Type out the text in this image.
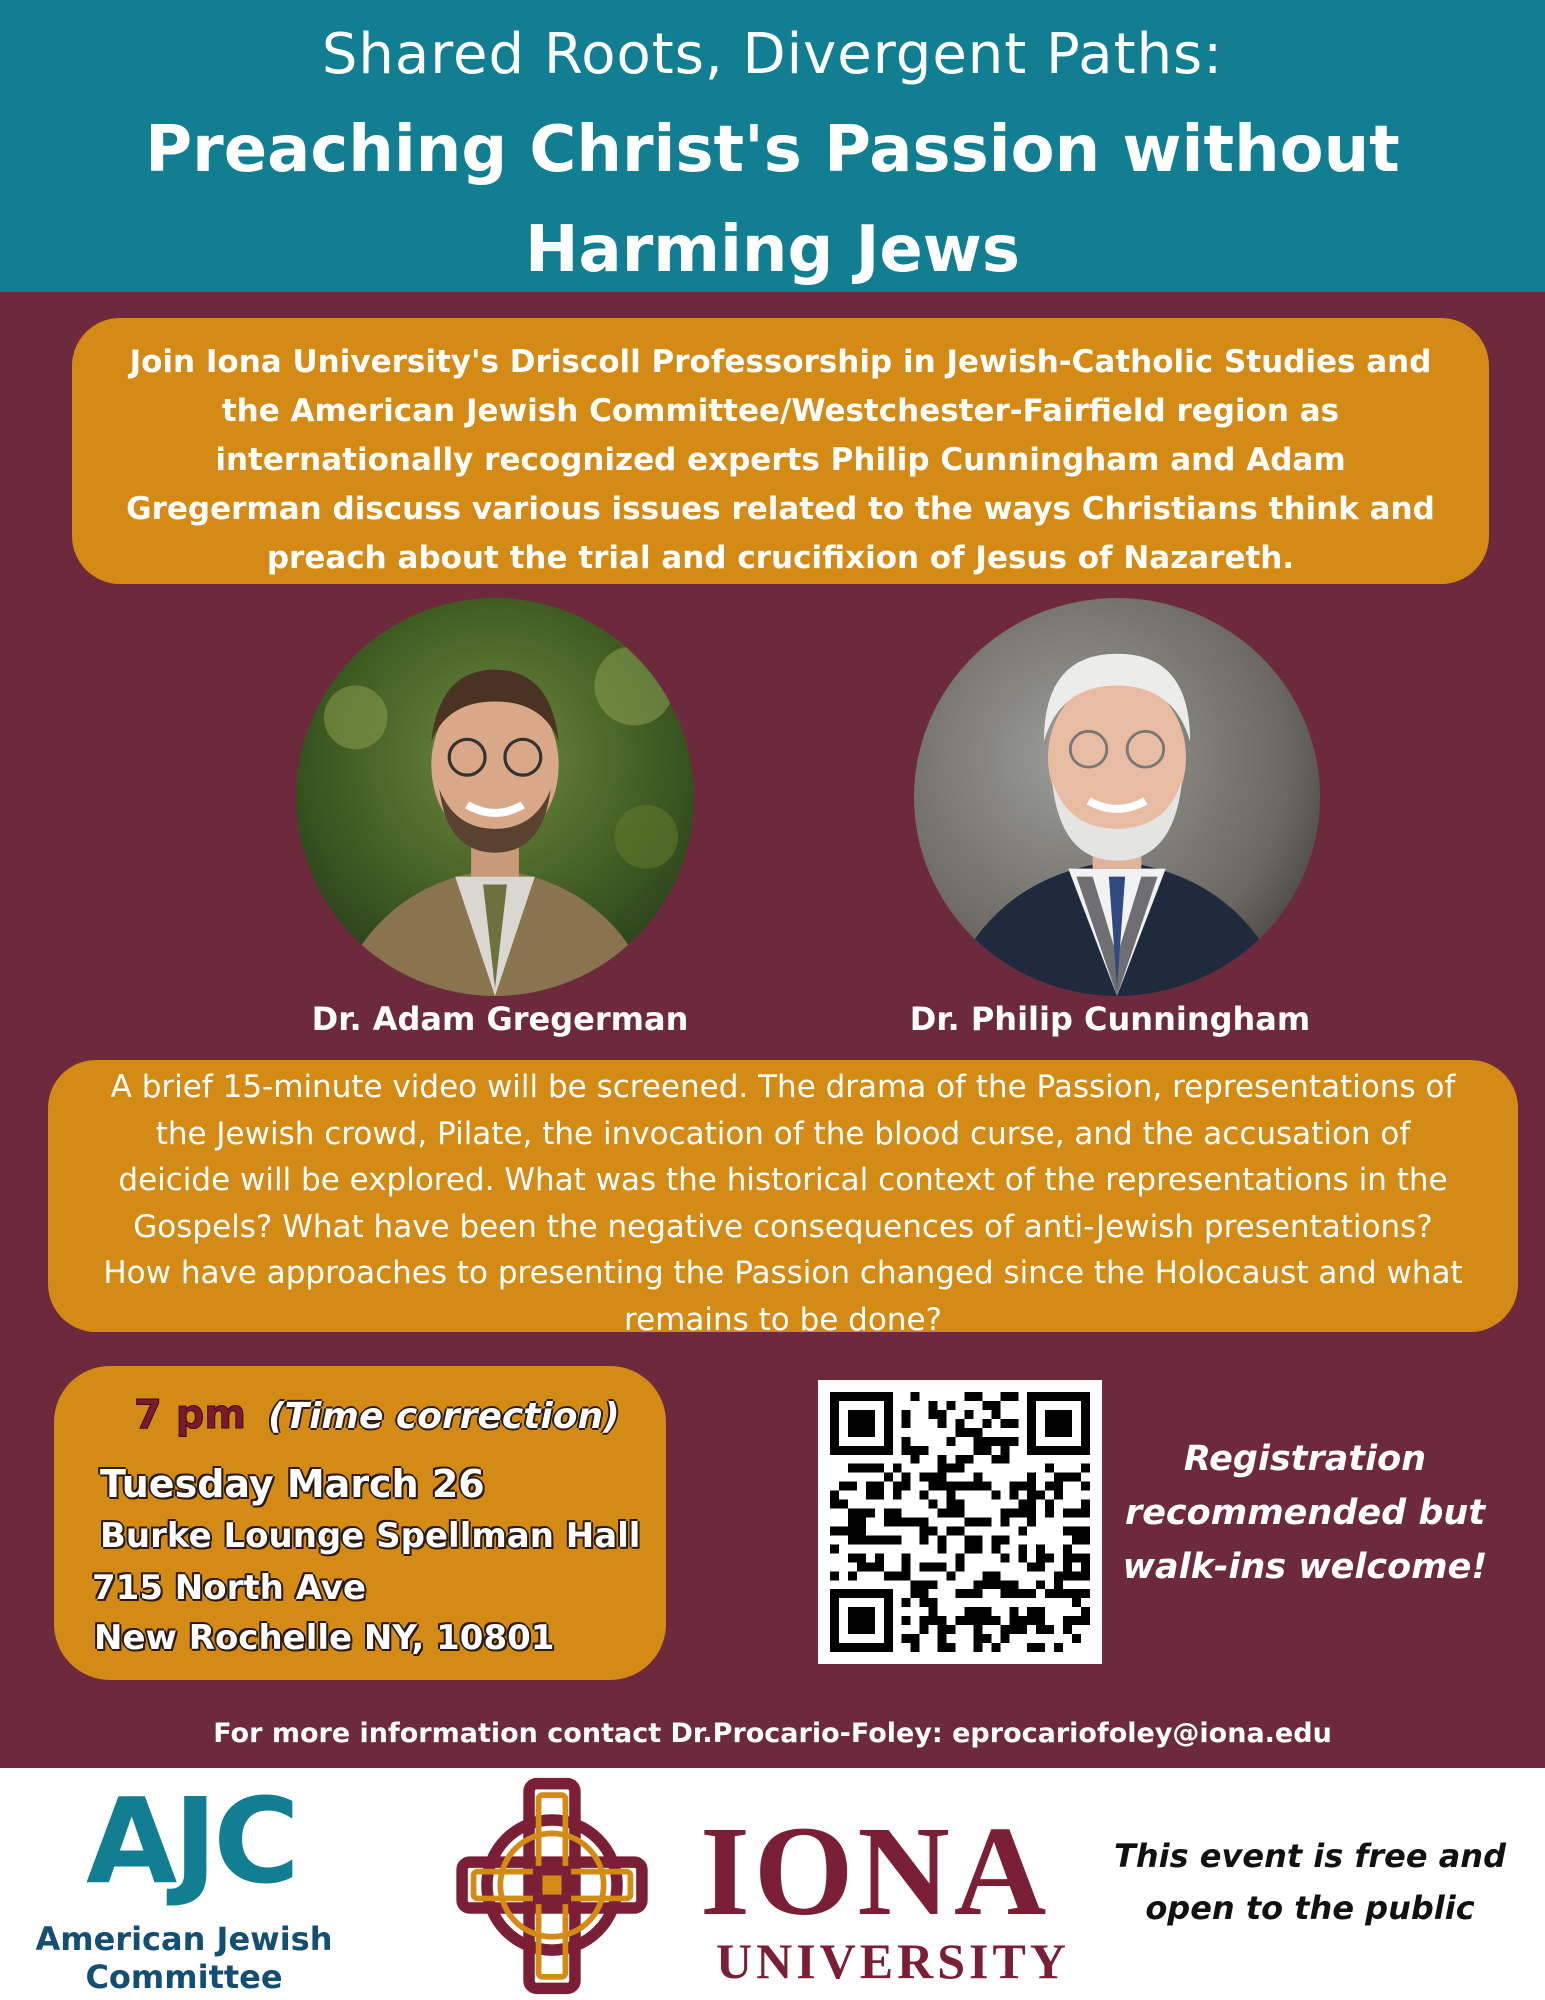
Shared Roots, Divergent Paths:
Preaching Christ's Passion without
Harming Jews
Join Iona University's Driscoll Professorship in Jewish-Catholic Studies and
the American Jewish Committee/Westchester-Fairfield region as
internationally recognized experts Philip Cunningham and Adam
Gregerman discuss various issues related to the ways Christians think and
preach about the trial and crucifixion of Jesus of Nazareth.
Dr. Adam Gregerman	Dr. Philip Cunningham
A brief 15-minute video will be screened. The drama of the Passion, representations of
the Jewish crowd, Pilate, the invocation of the blood curse, and the accusation of
deicide will be explored. What was the historical context of the representations in the
Gospels? What have been the negative consequences of anti-Jewish presentations?
How have approaches to presenting the Passion changed since the Holocaust and what
remains to be done?
7 pm (Time correction)
Tuesday March 26
Burke Lounge Spellman Hall
715 North Ave
New Rochelle NY, 10801
Registration
recommended but
walk-ins welcome!
For more information contact Dr.Procario-Foley: eprocariofoley@iona.edu
AJC
American Jewish
Committee
IONA
UNIVERSITY
This event is free and
open to the public
